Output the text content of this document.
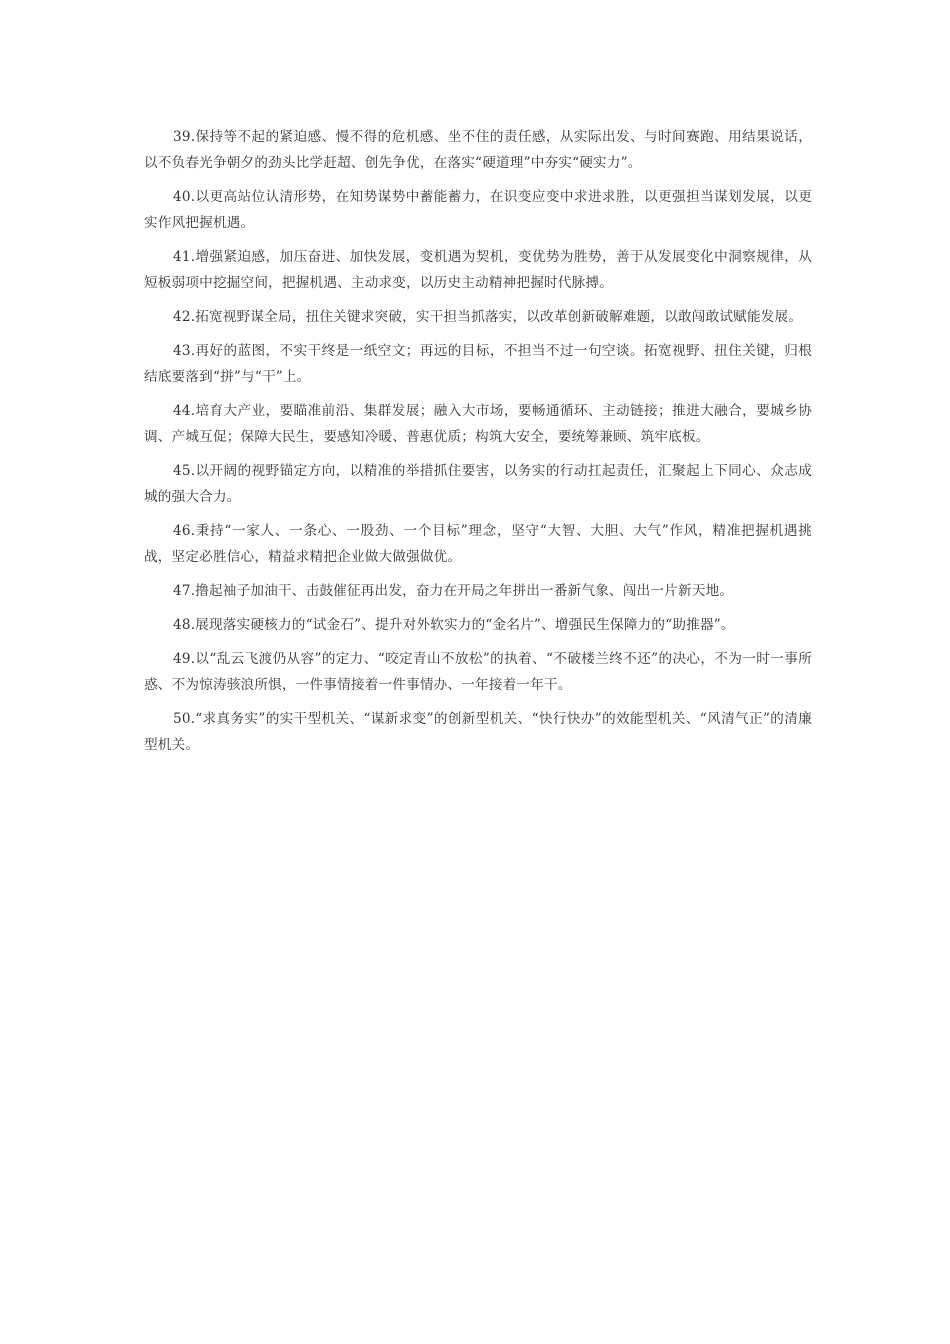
39.保持等不起的紧迫感、慢不得的危机感、坐不住的责任感，从实际出发、与时间赛跑、用结果说话，以不负春光争朝夕的劲头比学赶超、创先争优，在落实“硬道理”中夯实“硬实力”。

40.以更高站位认清形势，在知势谋势中蓄能蓄力，在识变应变中求进求胜，以更强担当谋划发展，以更实作风把握机遇。

41.增强紧迫感，加压奋进、加快发展，变机遇为契机，变优势为胜势，善于从发展变化中洞察规律，从短板弱项中挖掘空间，把握机遇、主动求变，以历史主动精神把握时代脉搏。

42.拓宽视野谋全局，扭住关键求突破，实干担当抓落实，以改革创新破解难题，以敢闯敢试赋能发展。

43.再好的蓝图，不实干终是一纸空文；再远的目标，不担当不过一句空谈。拓宽视野、扭住关键，归根结底要落到“拼”与“干”上。

44.培育大产业，要瞄准前沿、集群发展；融入大市场，要畅通循环、主动链接；推进大融合，要城乡协调、产城互促；保障大民生，要感知冷暖、普惠优质；构筑大安全，要统筹兼顾、筑牢底板。

45.以开阔的视野锚定方向，以精准的举措抓住要害，以务实的行动扛起责任，汇聚起上下同心、众志成城的强大合力。

46.秉持“一家人、一条心、一股劲、一个目标”理念，坚守“大智、大胆、大气”作风，精准把握机遇挑战，坚定必胜信心，精益求精把企业做大做强做优。

47.撸起袖子加油干、击鼓催征再出发，奋力在开局之年拼出一番新气象、闯出一片新天地。

48.展现落实硬核力的“试金石”、提升对外软实力的“金名片”、增强民生保障力的“助推器”。

49.以“乱云飞渡仍从容”的定力、“咬定青山不放松”的执着、“不破楼兰终不还”的决心，不为一时一事所惑、不为惊涛骇浪所惧，一件事情接着一件事情办、一年接着一年干。

50.“求真务实”的实干型机关、“谋新求变”的创新型机关、“快行快办”的效能型机关、“风清气正”的清廉型机关。
